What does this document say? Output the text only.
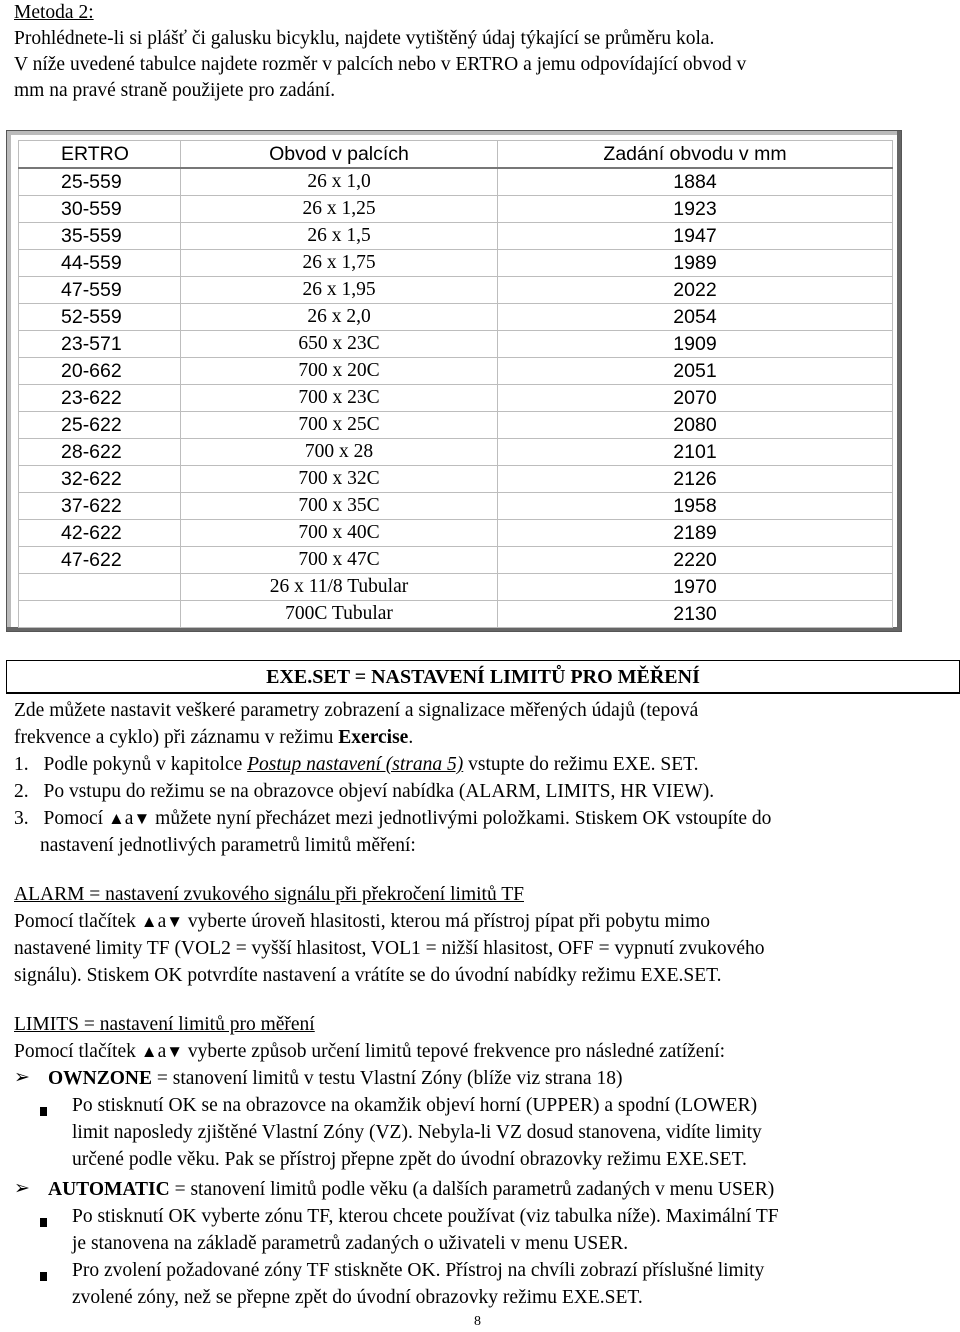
Metoda 2:
Prohlédnete-li si plášť či galusku bicyklu, najdete vytištěný údaj týkající se průměru kola.
V níže uvedené tabulce najdete rozměr v palcích nebo v ERTRO a jemu odpovídající obvod v
mm na pravé straně použijete pro zadání.
ERTRO	Obvod v palcích	Zadání obvodu v mm
25-559	26 x 1,0	1884
30-559	26 x 1,25	1923
35-559	26 x 1,5	1947
44-559	26 x 1,75	1989
47-559	26 x 1,95	2022
52-559	26 x 2,0	2054
23-571	650 x 23C	1909
20-662	700 x 20C	2051
23-622	700 x 23C	2070
25-622	700 x 25C	2080
28-622	700 x 28	2101
32-622	700 x 32C	2126
37-622	700 x 35C	1958
42-622	700 x 40C	2189
47-622	700 x 47C	2220
	26 x 11/8 Tubular	1970
	700C Tubular	2130
EXE.SET = NASTAVENÍ LIMITŮ PRO MĚŘENÍ
Zde můžete nastavit veškeré parametry zobrazení a signalizace měřených údajů (tepová
frekvence a cyklo) při záznamu v režimu Exercise.
1. Podle pokynů v kapitolce Postup nastavení (strana 5) vstupte do režimu EXE. SET.
2. Po vstupu do režimu se na obrazovce objeví nabídka (ALARM, LIMITS, HR VIEW).
3. Pomocí ▲a▼ můžete nyní přecházet mezi jednotlivými položkami. Stiskem OK vstoupíte do
nastavení jednotlivých parametrů limitů měření:
ALARM = nastavení zvukového signálu při překročení limitů TF
Pomocí tlačítek ▲a▼ vyberte úroveň hlasitosti, kterou má přístroj pípat při pobytu mimo
nastavené limity TF (VOL2 = vyšší hlasitost, VOL1 = nižší hlasitost, OFF = vypnutí zvukového
signálu). Stiskem OK potvrdíte nastavení a vrátíte se do úvodní nabídky režimu EXE.SET.
LIMITS = nastavení limitů pro měření
Pomocí tlačítek ▲a▼ vyberte způsob určení limitů tepové frekvence pro následné zatížení:
➢ OWNZONE = stanovení limitů v testu Vlastní Zóny (blíže viz strana 18)
Po stisknutí OK se na obrazovce na okamžik objeví horní (UPPER) a spodní (LOWER)
limit naposledy zjištěné Vlastní Zóny (VZ). Nebyla-li VZ dosud stanovena, vidíte limity
určené podle věku. Pak se přístroj přepne zpět do úvodní obrazovky režimu EXE.SET.
➢ AUTOMATIC = stanovení limitů podle věku (a dalších parametrů zadaných v menu USER)
Po stisknutí OK vyberte zónu TF, kterou chcete používat (viz tabulka níže). Maximální TF
je stanovena na základě parametrů zadaných o uživateli v menu USER.
Pro zvolení požadované zóny TF stiskněte OK. Přístroj na chvíli zobrazí příslušné limity
zvolené zóny, než se přepne zpět do úvodní obrazovky režimu EXE.SET.
8
